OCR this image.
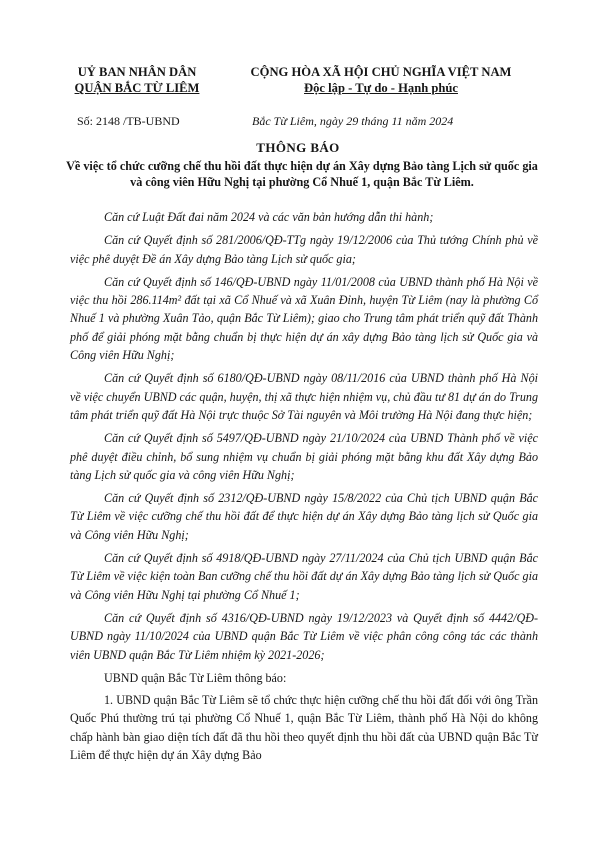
UỶ BAN NHÂN DÂN
QUẬN BẮC TỪ LIÊM
CỘNG HÒA XÃ HỘI CHỦ NGHĨA VIỆT NAM
Độc lập - Tự do - Hạnh phúc
Số: 2148 /TB-UBND	Bắc Từ Liêm, ngày 29 tháng 11 năm 2024
THÔNG BÁO
Về việc tổ chức cưỡng chế thu hồi đất thực hiện dự án Xây dựng Bảo tàng Lịch sử quốc gia và công viên Hữu Nghị tại phường Cổ Nhuế 1, quận Bắc Từ Liêm.

Căn cứ Luật Đất đai năm 2024 và các văn bản hướng dẫn thi hành;

Căn cứ Quyết định số 281/2006/QĐ-TTg ngày 19/12/2006 của Thủ tướng Chính phủ về việc phê duyệt Đề án Xây dựng Bảo tàng Lịch sử quốc gia;

Căn cứ Quyết định số 146/QĐ-UBND ngày 11/01/2008 của UBND thành phố Hà Nội về việc thu hồi 286.114m² đất tại xã Cổ Nhuế và xã Xuân Đỉnh, huyện Từ Liêm (nay là phường Cổ Nhuế 1 và phường Xuân Tảo, quận Bắc Từ Liêm); giao cho Trung tâm phát triển quỹ đất Thành phố để giải phóng mặt bằng chuẩn bị thực hiện dự án xây dựng Bảo tàng lịch sử Quốc gia và Công viên Hữu Nghị;

Căn cứ Quyết định số 6180/QĐ-UBND ngày 08/11/2016 của UBND thành phố Hà Nội về việc chuyển UBND các quận, huyện, thị xã thực hiện nhiệm vụ, chủ đầu tư 81 dự án do Trung tâm phát triển quỹ đất Hà Nội trực thuộc Sở Tài nguyên và Môi trường Hà Nội đang thực hiện;

Căn cứ Quyết định số 5497/QĐ-UBND ngày 21/10/2024 của UBND Thành phố về việc phê duyệt điều chỉnh, bổ sung nhiệm vụ chuẩn bị giải phóng mặt bằng khu đất Xây dựng Bảo tàng Lịch sử quốc gia và công viên Hữu Nghị;

Căn cứ Quyết định số 2312/QĐ-UBND ngày 15/8/2022 của Chủ tịch UBND quận Bắc Từ Liêm về việc cưỡng chế thu hồi đất để thực hiện dự án Xây dựng Bảo tàng lịch sử Quốc gia và Công viên Hữu Nghị;

Căn cứ Quyết định số 4918/QĐ-UBND ngày 27/11/2024 của Chủ tịch UBND quận Bắc Từ Liêm về việc kiện toàn Ban cưỡng chế thu hồi đất dự án Xây dựng Bảo tàng lịch sử Quốc gia và Công viên Hữu Nghị tại phường Cổ Nhuế 1;

Căn cứ Quyết định số 4316/QĐ-UBND ngày 19/12/2023 và Quyết định số 4442/QĐ-UBND ngày 11/10/2024 của UBND quận Bắc Từ Liêm về việc phân công công tác các thành viên UBND quận Bắc Từ Liêm nhiệm kỳ 2021-2026;

UBND quận Bắc Từ Liêm thông báo:

1. UBND quận Bắc Từ Liêm sẽ tổ chức thực hiện cưỡng chế thu hồi đất đối với ông Trần Quốc Phú thường trú tại phường Cổ Nhuế 1, quận Bắc Từ Liêm, thành phố Hà Nội do không chấp hành bàn giao diện tích đất đã thu hồi theo quyết định thu hồi đất của UBND quận Bắc Từ Liêm để thực hiện dự án Xây dựng Bảo
